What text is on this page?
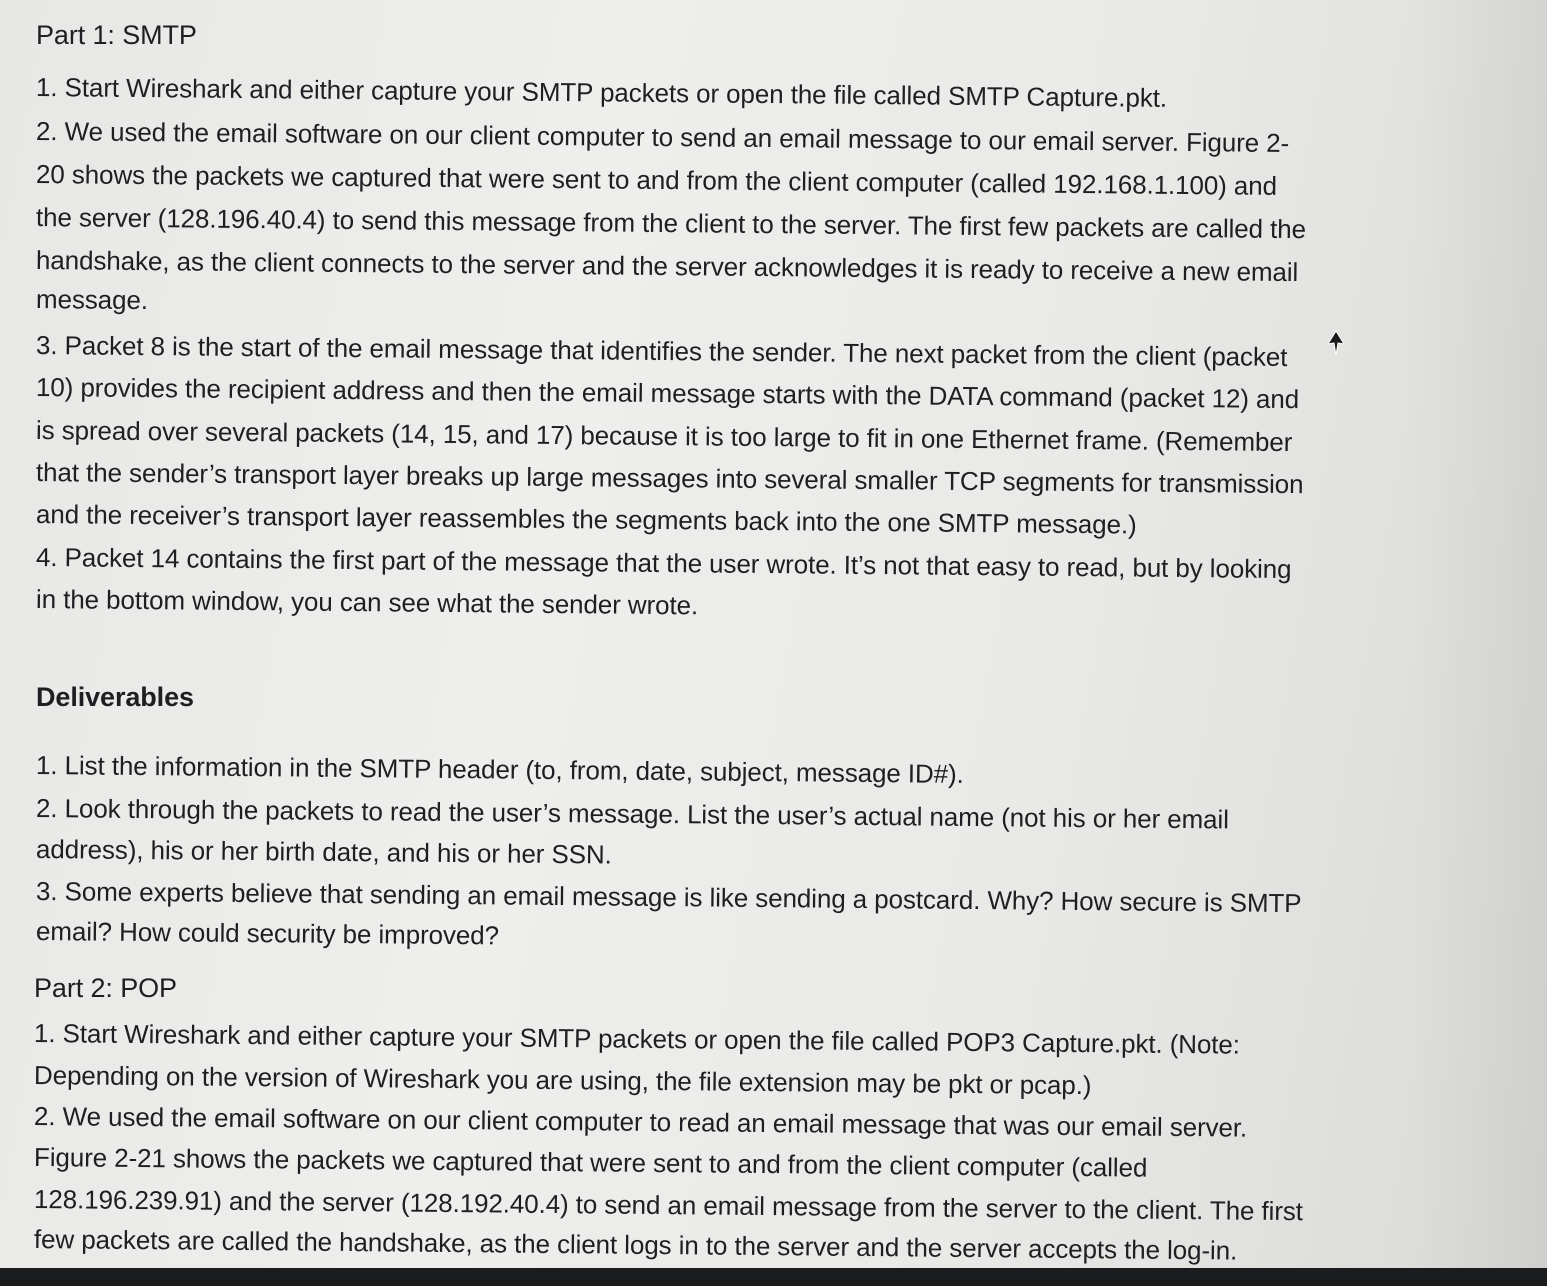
Part 1: SMTP
1. Start Wireshark and either capture your SMTP packets or open the file called SMTP Capture.pkt.
2. We used the email software on our client computer to send an email message to our email server. Figure 2-
20 shows the packets we captured that were sent to and from the client computer (called 192.168.1.100) and
the server (128.196.40.4) to send this message from the client to the server. The first few packets are called the
handshake, as the client connects to the server and the server acknowledges it is ready to receive a new email
message.
3. Packet 8 is the start of the email message that identifies the sender. The next packet from the client (packet
10) provides the recipient address and then the email message starts with the DATA command (packet 12) and
is spread over several packets (14, 15, and 17) because it is too large to fit in one Ethernet frame. (Remember
that the sender’s transport layer breaks up large messages into several smaller TCP segments for transmission
and the receiver’s transport layer reassembles the segments back into the one SMTP message.)
4. Packet 14 contains the first part of the message that the user wrote. It’s not that easy to read, but by looking
in the bottom window, you can see what the sender wrote.
Deliverables
1. List the information in the SMTP header (to, from, date, subject, message ID#).
2. Look through the packets to read the user’s message. List the user’s actual name (not his or her email
address), his or her birth date, and his or her SSN.
3. Some experts believe that sending an email message is like sending a postcard. Why? How secure is SMTP
email? How could security be improved?
Part 2: POP
1. Start Wireshark and either capture your SMTP packets or open the file called POP3 Capture.pkt. (Note:
Depending on the version of Wireshark you are using, the file extension may be pkt or pcap.)
2. We used the email software on our client computer to read an email message that was our email server.
Figure 2-21 shows the packets we captured that were sent to and from the client computer (called
128.196.239.91) and the server (128.192.40.4) to send an email message from the server to the client. The first
few packets are called the handshake, as the client logs in to the server and the server accepts the log-in.
